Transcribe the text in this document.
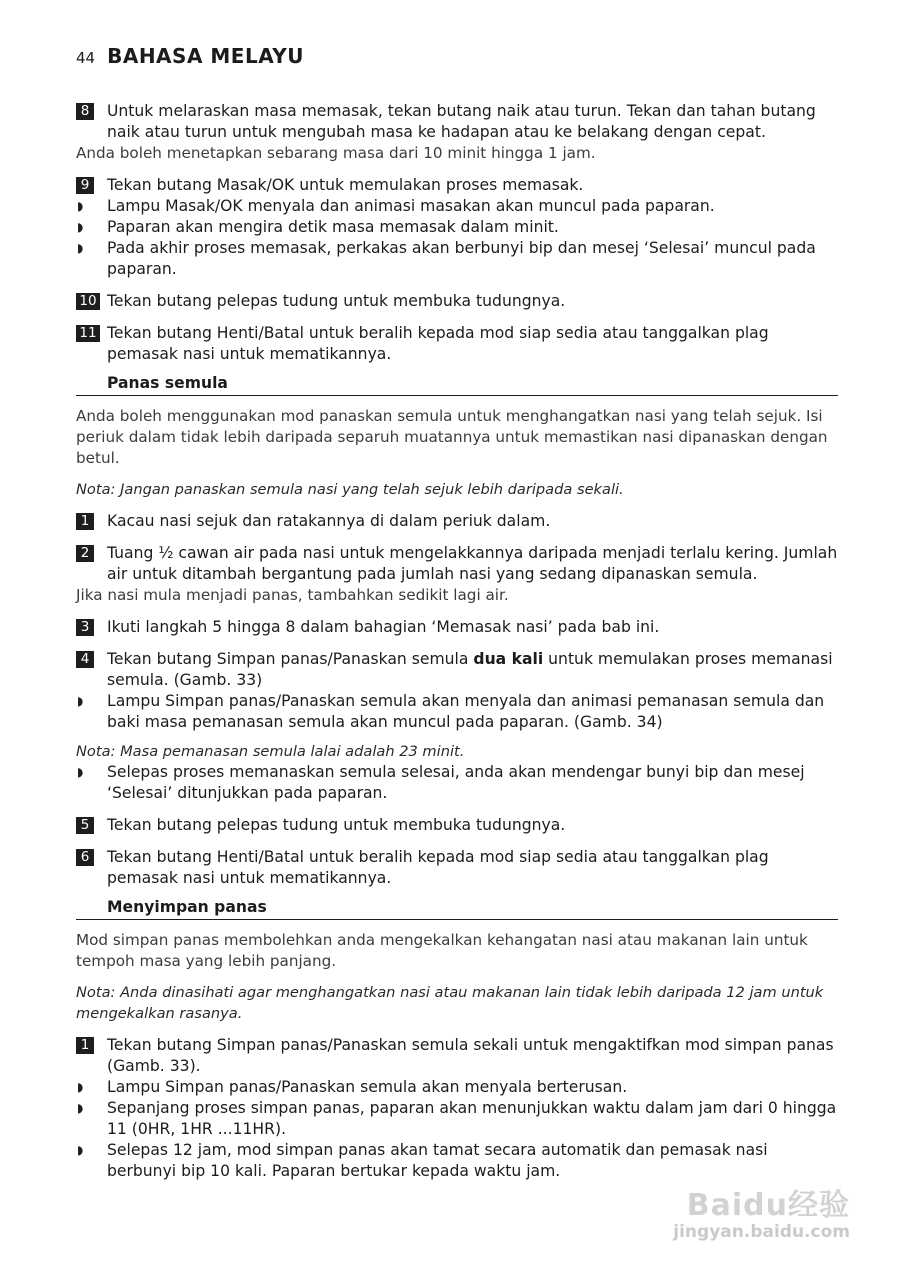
44 BAHASA MELAYU
8	Untuk melaraskan masa memasak, tekan butang naik atau turun. Tekan dan tahan butang naik atau turun untuk mengubah masa ke hadapan atau ke belakang dengan cepat.
Anda boleh menetapkan sebarang masa dari 10 minit hingga 1 jam.
9	Tekan butang Masak/OK untuk memulakan proses memasak.
◗ Lampu Masak/OK menyala dan animasi masakan akan muncul pada paparan.
◗ Paparan akan mengira detik masa memasak dalam minit.
◗ Pada akhir proses memasak, perkakas akan berbunyi bip dan mesej ‘Selesai’ muncul pada paparan.
10 Tekan butang pelepas tudung untuk membuka tudungnya.
11 Tekan butang Henti/Batal untuk beralih kepada mod siap sedia atau tanggalkan plag pemasak nasi untuk mematikannya.
Panas semula
Anda boleh menggunakan mod panaskan semula untuk menghangatkan nasi yang telah sejuk. Isi periuk dalam tidak lebih daripada separuh muatannya untuk memastikan nasi dipanaskan dengan betul.
Nota: Jangan panaskan semula nasi yang telah sejuk lebih daripada sekali.
1	Kacau nasi sejuk dan ratakannya di dalam periuk dalam.
2	Tuang ½ cawan air pada nasi untuk mengelakkannya daripada menjadi terlalu kering. Jumlah air untuk ditambah bergantung pada jumlah nasi yang sedang dipanaskan semula.
Jika nasi mula menjadi panas, tambahkan sedikit lagi air.
3	Ikuti langkah 5 hingga 8 dalam bahagian ‘Memasak nasi’ pada bab ini.
4	Tekan butang Simpan panas/Panaskan semula dua kali untuk memulakan proses memanasi semula. (Gamb. 33)
◗ Lampu Simpan panas/Panaskan semula akan menyala dan animasi pemanasan semula dan baki masa pemanasan semula akan muncul pada paparan. (Gamb. 34)
Nota: Masa pemanasan semula lalai adalah 23 minit.
◗ Selepas proses memanaskan semula selesai, anda akan mendengar bunyi bip dan mesej ‘Selesai’ ditunjukkan pada paparan.
5	Tekan butang pelepas tudung untuk membuka tudungnya.
6	Tekan butang Henti/Batal untuk beralih kepada mod siap sedia atau tanggalkan plag pemasak nasi untuk mematikannya.
Menyimpan panas
Mod simpan panas membolehkan anda mengekalkan kehangatan nasi atau makanan lain untuk tempoh masa yang lebih panjang.
Nota: Anda dinasihati agar menghangatkan nasi atau makanan lain tidak lebih daripada 12 jam untuk mengekalkan rasanya.
1	Tekan butang Simpan panas/Panaskan semula sekali untuk mengaktifkan mod simpan panas (Gamb. 33).
◗ Lampu Simpan panas/Panaskan semula akan menyala berterusan.
◗ Sepanjang proses simpan panas, paparan akan menunjukkan waktu dalam jam dari 0 hingga 11 (0HR, 1HR ...11HR).
◗ Selepas 12 jam, mod simpan panas akan tamat secara automatik dan pemasak nasi berbunyi bip 10 kali. Paparan bertukar kepada waktu jam.
Baidu经验
jingyan.baidu.com
